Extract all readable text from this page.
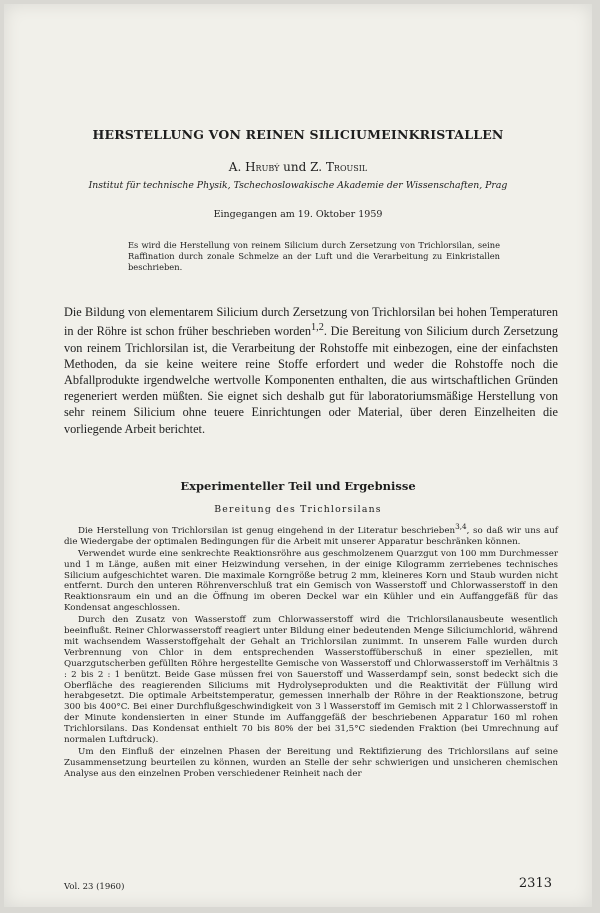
HERSTELLUNG VON REINEN SILICIUMEINKRISTALLEN
A. Hrubý und Z. Trousil
Institut für technische Physik, Tschechoslowakische Akademie der Wissenschaften, Prag
Eingegangen am 19. Oktober 1959
Es wird die Herstellung von reinem Silicium durch Zersetzung von Trichlorsilan, seine Raffination durch zonale Schmelze an der Luft und die Verarbeitung zu Einkristallen beschrieben.
Die Bildung von elementarem Silicium durch Zersetzung von Trichlorsilan bei hohen Temperaturen in der Röhre ist schon früher beschrieben worden$^{1,2}$. Die Bereitung von Silicium durch Zersetzung von reinem Trichlorsilan ist, die Verarbeitung der Rohstoffe mit einbezogen, eine der einfachsten Methoden, da sie keine weitere reine Stoffe erfordert und weder die Rohstoffe noch die Abfallprodukte irgendwelche wertvolle Komponenten enthalten, die aus wirtschaftlichen Gründen regeneriert werden müßten. Sie eignet sich deshalb gut für laboratoriumsmäßige Herstellung von sehr reinem Silicium ohne teuere Einrichtungen oder Material, über deren Einzelheiten die vorliegende Arbeit berichtet.
Experimenteller Teil und Ergebnisse
Bereitung des Trichlorsilans

Die Herstellung von Trichlorsilan ist genug eingehend in der Literatur beschrieben$^{3,4}$, so daß wir uns auf die Wiedergabe der optimalen Bedingungen für die Arbeit mit unserer Apparatur beschränken können.

Verwendet wurde eine senkrechte Reaktionsröhre aus geschmolzenem Quarzgut von 100 mm Durchmesser und 1 m Länge, außen mit einer Heizwindung versehen, in der einige Kilogramm zerriebenes technisches Silicium aufgeschichtet waren. Die maximale Korngröße betrug 2 mm, kleineres Korn und Staub wurden nicht entfernt. Durch den unteren Röhrenverschluß trat ein Gemisch von Wasserstoff und Chlorwasserstoff in den Reaktionsraum ein und an die Öffnung im oberen Deckel war ein Kühler und ein Auffanggefäß für das Kondensat angeschlossen.

Durch den Zusatz von Wasserstoff zum Chlorwasserstoff wird die Trichlorsilanausbeute wesentlich beeinflußt. Reiner Chlorwasserstoff reagiert unter Bildung einer bedeutenden Menge Siliciumchlorid, während mit wachsendem Wasserstoffgehalt der Gehalt an Trichlorsilan zunimmt. In unserem Falle wurden durch Verbrennung von Chlor in dem entsprechenden Wasserstoffüberschuß in einer speziellen, mit Quarzgutscherben gefüllten Röhre hergestellte Gemische von Wasserstoff und Chlorwasserstoff im Verhältnis 3 : 2 bis 2 : 1 benützt. Beide Gase müssen frei von Sauerstoff und Wasserdampf sein, sonst bedeckt sich die Oberfläche des reagierenden Siliciums mit Hydrolyseprodukten und die Reaktivität der Füllung wird herabgesetzt. Die optimale Arbeitstemperatur, gemessen innerhalb der Röhre in der Reaktionszone, betrug 300 bis 400°C. Bei einer Durchflußgeschwindigkeit von 3 l Wasserstoff im Gemisch mit 2 l Chlorwasserstoff in der Minute kondensierten in einer Stunde im Auffanggefäß der beschriebenen Apparatur 160 ml rohen Trichlorsilans. Das Kondensat enthielt 70 bis 80% der bei 31,5°C siedenden Fraktion (bei Umrechnung auf normalen Luftdruck).

Um den Einfluß der einzelnen Phasen der Bereitung und Rektifizierung des Trichlorsilans auf seine Zusammensetzung beurteilen zu können, wurden an Stelle der sehr schwierigen und unsicheren chemischen Analyse aus den einzelnen Proben verschiedener Reinheit nach der

Vol. 23 (1960)	2313
